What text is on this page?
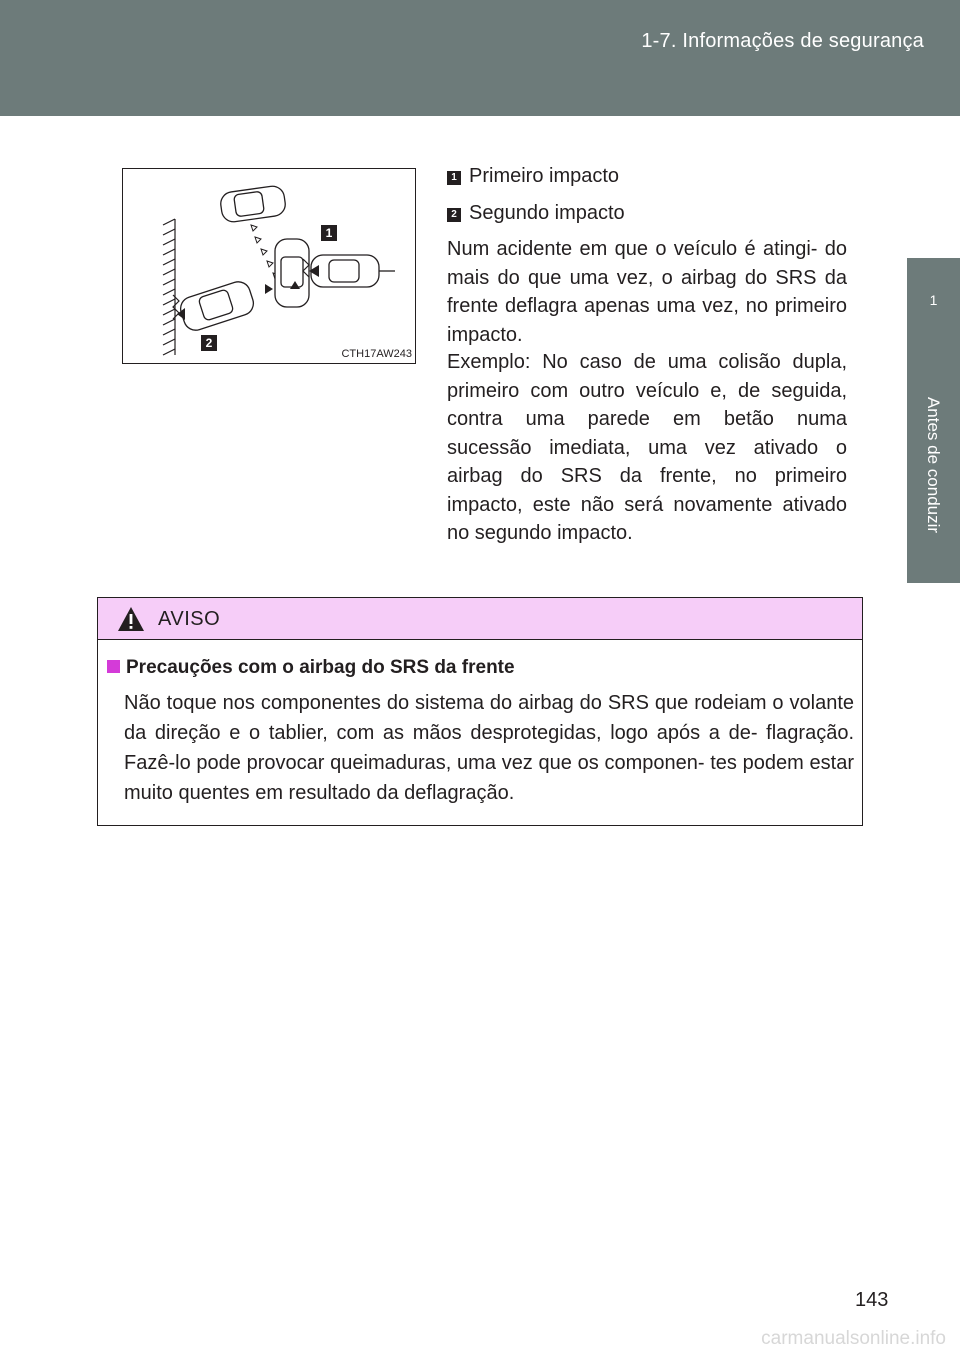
1-7. Informações de segurança
1
Antes de conduzir
1
2
CTH17AW243
1 Primeiro impacto
2 Segundo impacto
Num acidente em que o veículo é atingi- do mais do que uma vez, o airbag do SRS da frente deflagra apenas uma vez, no primeiro impacto.
Exemplo: No caso de uma colisão dupla, primeiro com outro veículo e, de seguida, contra uma parede em betão numa sucessão imediata, uma vez ativado o airbag do SRS da frente, no primeiro impacto, este não será novamente ativado no segundo impacto.
AVISO
Precauções com o airbag do SRS da frente
Não toque nos componentes do sistema do airbag do SRS que rodeiam o volante da direção e o tablier, com as mãos desprotegidas, logo após a de- flagração. Fazê-lo pode provocar queimaduras, uma vez que os componen- tes podem estar muito quentes em resultado da deflagração.
143
carmanualsonline.info
